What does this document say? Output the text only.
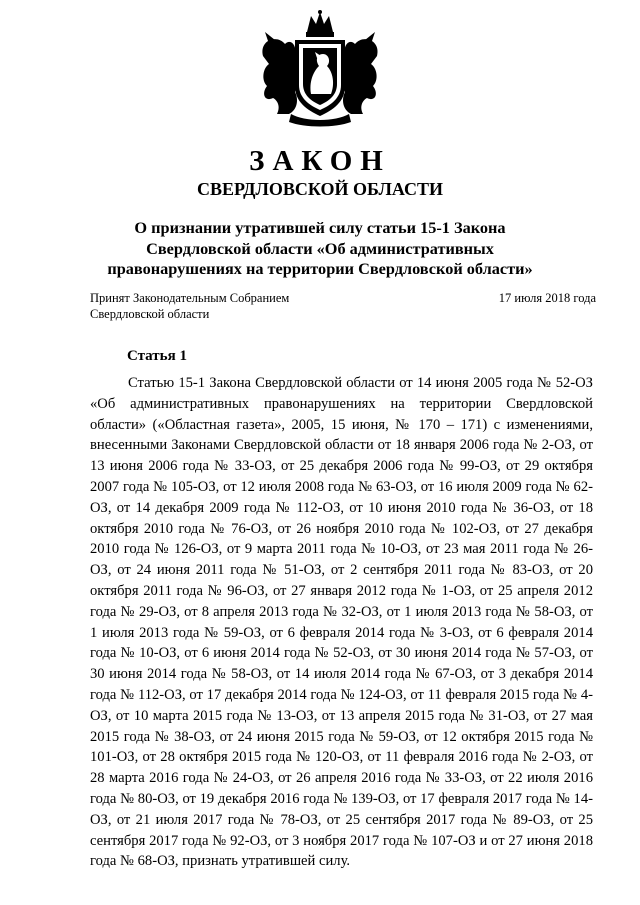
ЗАКОН
СВЕРДЛОВСКОЙ ОБЛАСТИ
О признании утратившей силу статьи 15-1 Закона Свердловской области «Об административных правонарушениях на территории Свердловской области»
Принят Законодательным Собранием
Свердловской области
17 июля 2018 года
Статья 1

Статью 15-1 Закона Свердловской области от 14 июня 2005 года № 52-ОЗ «Об административных правонарушениях на территории Свердловской области» («Областная газета», 2005, 15 июня, № 170 – 171) с изменениями, внесенными Законами Свердловской области от 18 января 2006 года № 2-ОЗ, от 13 июня 2006 года № 33-ОЗ, от 25 декабря 2006 года № 99-ОЗ, от 29 октября 2007 года № 105-ОЗ, от 12 июля 2008 года № 63-ОЗ, от 16 июля 2009 года № 62-ОЗ, от 14 декабря 2009 года № 112-ОЗ, от 10 июня 2010 года № 36-ОЗ, от 18 октября 2010 года № 76-ОЗ, от 26 ноября 2010 года № 102-ОЗ, от 27 декабря 2010 года № 126-ОЗ, от 9 марта 2011 года № 10-ОЗ, от 23 мая 2011 года № 26-ОЗ, от 24 июня 2011 года № 51-ОЗ, от 2 сентября 2011 года № 83-ОЗ, от 20 октября 2011 года № 96-ОЗ, от 27 января 2012 года № 1-ОЗ, от 25 апреля 2012 года № 29-ОЗ, от 8 апреля 2013 года № 32-ОЗ, от 1 июля 2013 года № 58-ОЗ, от 1 июля 2013 года № 59-ОЗ, от 6 февраля 2014 года № 3-ОЗ, от 6 февраля 2014 года № 10-ОЗ, от 6 июня 2014 года № 52-ОЗ, от 30 июня 2014 года № 57-ОЗ, от 30 июня 2014 года № 58-ОЗ, от 14 июля 2014 года № 67-ОЗ, от 3 декабря 2014 года № 112-ОЗ, от 17 декабря 2014 года № 124-ОЗ, от 11 февраля 2015 года № 4-ОЗ, от 10 марта 2015 года № 13-ОЗ, от 13 апреля 2015 года № 31-ОЗ, от 27 мая 2015 года № 38-ОЗ, от 24 июня 2015 года № 59-ОЗ, от 12 октября 2015 года № 101-ОЗ, от 28 октября 2015 года № 120-ОЗ, от 11 февраля 2016 года № 2-ОЗ, от 28 марта 2016 года № 24-ОЗ, от 26 апреля 2016 года № 33-ОЗ, от 22 июля 2016 года № 80-ОЗ, от 19 декабря 2016 года № 139-ОЗ, от 17 февраля 2017 года № 14-ОЗ, от 21 июля 2017 года № 78-ОЗ, от 25 сентября 2017 года № 89-ОЗ, от 25 сентября 2017 года № 92-ОЗ, от 3 ноября 2017 года № 107-ОЗ и от 27 июня 2018 года № 68-ОЗ, признать утратившей силу.
